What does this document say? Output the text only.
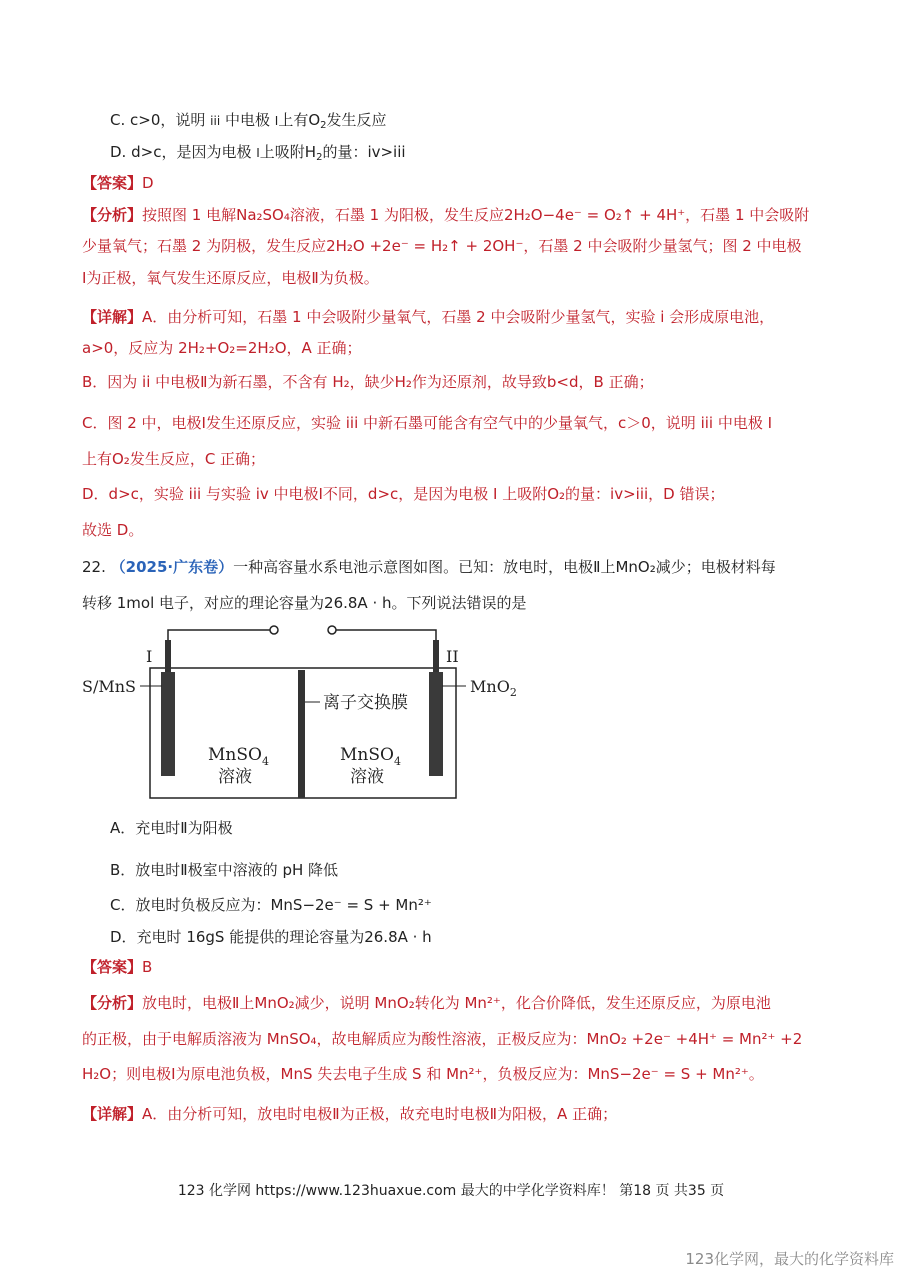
C. c>0，说明 iii 中电极 I上有$O_2$发生反应
D. d>c，是因为电极 I上吸附$H_2$的量：iv>iii
【答案】D
【分析】按照图 1 电解Na₂SO₄溶液，石墨 1 为阳极，发生反应2H₂O−4e⁻ = O₂↑ + 4H⁺，石墨 1 中会吸附
少量氧气；石墨 2 为阴极，发生反应2H₂O +2e⁻ = H₂↑ + 2OH⁻，石墨 2 中会吸附少量氢气；图 2 中电极
Ⅰ为正极，氧气发生还原反应，电极Ⅱ为负极。
【详解】A．由分析可知，石墨 1 中会吸附少量氧气，石墨 2 中会吸附少量氢气，实验 i 会形成原电池，
a>0，反应为 2H₂+O₂=2H₂O，A 正确；
B．因为 ii 中电极Ⅱ为新石墨，不含有 H₂，缺少H₂作为还原剂，故导致b<d，B 正确；
C．图 2 中，电极Ⅰ发生还原反应，实验 iii 中新石墨可能含有空气中的少量氧气，c＞0，说明 iii 中电极 I
上有O₂发生反应，C 正确；
D．d>c，实验 iii 与实验 iv 中电极Ⅰ不同，d>c，是因为电极 I 上吸附O₂的量：iv>iii，D 错误；
故选 D。
22. （2025·广东卷）一种高容量水系电池示意图如图。已知：放电时，电极Ⅱ上MnO₂减少；电极材料每
转移 1mol 电子，对应的理论容量为26.8A · h。下列说法错误的是
I	II
S/MnS	MnO$_2$
离子交换膜
MnSO$_4$
溶液
MnSO$_4$
溶液
A．充电时Ⅱ为阳极
B．放电时Ⅱ极室中溶液的 pH 降低
C．放电时负极反应为：MnS−2e⁻ = S + Mn²⁺
D．充电时 16gS 能提供的理论容量为26.8A · h
【答案】B
【分析】放电时，电极Ⅱ上MnO₂减少，说明 MnO₂转化为 Mn²⁺，化合价降低，发生还原反应，为原电池
的正极，由于电解质溶液为 MnSO₄，故电解质应为酸性溶液，正极反应为：MnO₂ +2e⁻ +4H⁺ = Mn²⁺ +2
H₂O；则电极Ⅰ为原电池负极，MnS 失去电子生成 S 和 Mn²⁺，负极反应为：MnS−2e⁻ = S + Mn²⁺。
【详解】A．由分析可知，放电时电极Ⅱ为正极，故充电时电极Ⅱ为阳极，A 正确；
123 化学网 https://www.123huaxue.com 最大的中学化学资料库！ 第18 页 共35 页
123化学网，最大的化学资料库
